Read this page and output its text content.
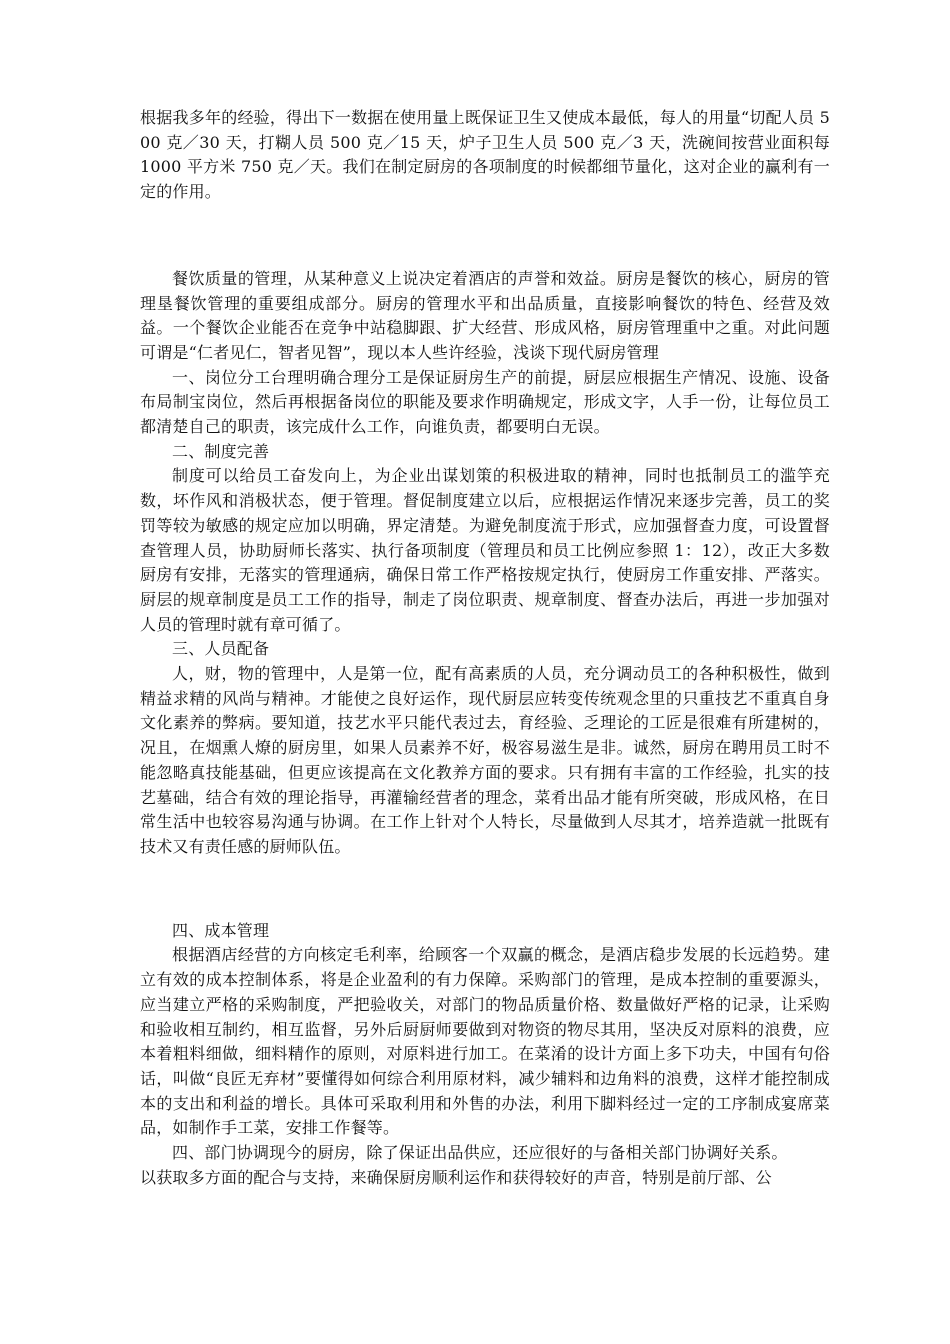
根据我多年的经验，得出下一数据在使用量上既保证卫生又使成本最低，每人的用量“切配人员 500 克／30 天，打糊人员 500 克／15 天，炉子卫生人员 500 克／3 天，洗碗间按营业面积每 1000 平方米 750 克／天。我们在制定厨房的各项制度的时候都细节量化，这对企业的赢利有一定的作用。

餐饮质量的管理，从某种意义上说决定着酒店的声誉和效益。厨房是餐饮的核心，厨房的管理垦餐饮管理的重要组成部分。厨房的管理水平和出品质量，直接影响餐饮的特色、经营及效益。一个餐饮企业能否在竞争中站稳脚跟、扩大经营、形成风格，厨房管理重中之重。对此问题可谓是“仁者见仁，智者见智”，现以本人些许经验，浅谈下现代厨房管理

一、岗位分工台理明确合理分工是保证厨房生产的前提，厨层应根据生产情况、设施、设备布局制宝岗位，然后再根据备岗位的职能及要求作明确规定，形成文字，人手一份，让每位员工都清楚自己的职责，该完成什么工作，向谁负责，都要明白无误。

二、制度完善

制度可以给员工奋发向上，为企业出谋划策的积极进取的精神，同时也抵制员工的滥竽充数，坏作风和消极状态，便于管理。督促制度建立以后，应根据运作情况来逐步完善，员工的奖罚等较为敏感的规定应加以明确，界定清楚。为避免制度流于形式，应加强督查力度，可设置督查管理人员，协助厨师长落实、执行备项制度（管理员和员工比例应参照 1：12），改正大多数厨房有安排，无落实的管理通病，确保日常工作严格按规定执行，使厨房工作重安排、严落实。厨层的规章制度是员工工作的指导，制走了岗位职责、规章制度、督查办法后，再进一步加强对人员的管理时就有章可循了。

三、人员配备

人，财，物的管理中，人是第一位，配有高素质的人员，充分调动员工的各种积极性，做到精益求精的风尚与精神。才能使之良好运作，现代厨层应转变传统观念里的只重技艺不重真自身文化素养的弊病。要知道，技艺水平只能代表过去，育经验、乏理论的工匠是很难有所建树的，况且，在烟熏人燎的厨房里，如果人员素养不好，极容易滋生是非。诚然，厨房在聘用员工时不能忽略真技能基础，但更应该提高在文化教养方面的要求。只有拥有丰富的工作经验，扎实的技艺墓础，结合有效的理论指导，再灌输经营者的理念，菜肴出品才能有所突破，形成风格，在日常生活中也较容易沟通与协调。在工作上针对个人特长，尽量做到人尽其才，培养造就一批既有技术又有责任感的厨师队伍。

四、成本管理

根据酒店经营的方向核定毛利率，给顾客一个双赢的概念，是酒店稳步发展的长远趋势。建立有效的成本控制体系，将是企业盈利的有力保障。采购部门的管理，是成本控制的重要源头，应当建立严格的采购制度，严把验收关，对部门的物品质量价格、数量做好严格的记录，让采购和验收相互制约，相互监督，另外后厨厨师要做到对物资的物尽其用，坚决反对原料的浪费，应本着粗料细做，细料精作的原则，对原料进行加工。在菜淆的设计方面上多下功夫，中国有句俗话，叫做“良匠无弃材”要懂得如何综合利用原材料，减少辅料和边角料的浪费，这样才能控制成本的支出和利益的增长。具体可采取利用和外售的办法，利用下脚料经过一定的工序制成宴席菜品，如制作手工菜，安排工作餐等。

四、部门协调现今的厨房，除了保证出品供应，还应很好的与备相关部门协调好关系。

以获取多方面的配合与支持，来确保厨房顺利运作和获得较好的声音，特别是前厅部、公
